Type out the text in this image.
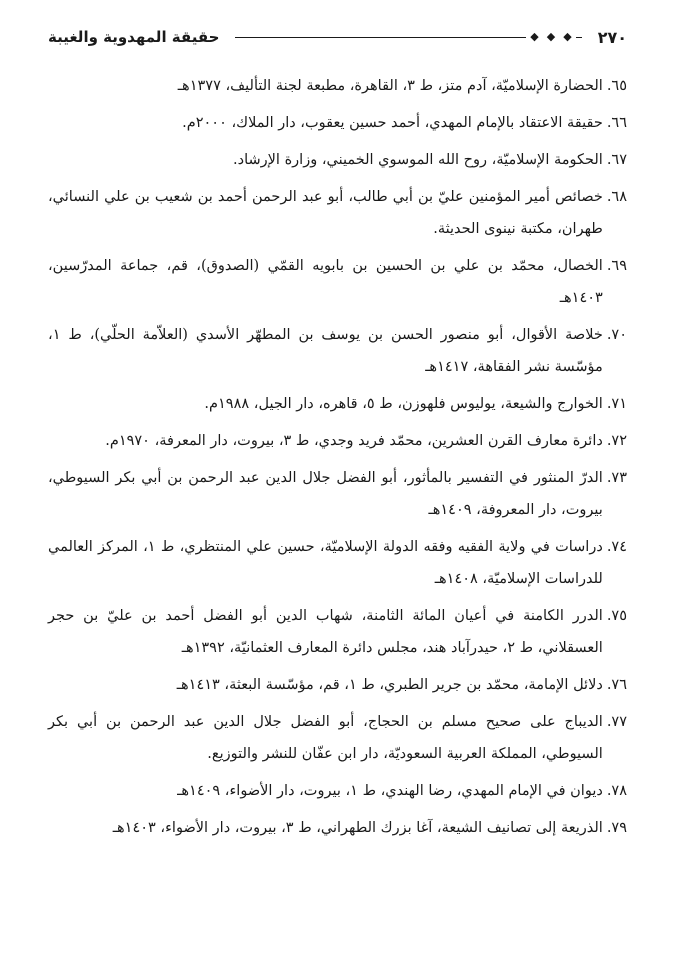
٢٧٠
◆
◆
◆
حقيقة المهدوية والغيبة
٦٥.
الحضارة الإسلاميّة، آدم متز، ط ٣، القاهرة، مطبعة لجنة التأليف، ١٣٧٧هـ
٦٦.
حقيقة الاعتقاد بالإمام المهدي، أحمد حسين يعقوب، دار الملاك، ٢٠٠٠م.
٦٧.
الحكومة الإسلاميّة، روح الله الموسوي الخميني، وزارة الإرشاد.
٦٨.
خصائص أمير المؤمنين عليّ بن أبي طالب، أبو عبد الرحمن أحمد بن شعيب بن علي النسائي، طهران، مكتبة نينوى الحديثة.
٦٩.
الخصال، محمّد بن علي بن الحسين بن بابويه القمّي (الصدوق)، قم، جماعة المدرّسين، ١٤٠٣هـ
٧٠.
خلاصة الأقوال، أبو منصور الحسن بن يوسف بن المطهّر الأسدي (العلاّمة الحلّي)، ط ١، مؤسّسة نشر الفقاهة، ١٤١٧هـ
٧١.
الخوارج والشيعة، يوليوس فلهوزن، ط ٥، قاهره، دار الجيل، ١٩٨٨م.
٧٢.
دائرة معارف القرن العشرين، محمّد فريد وجدي، ط ٣، بيروت، دار المعرفة، ١٩٧٠م.
٧٣.
الدرّ المنثور في التفسير بالمأثور، أبو الفضل جلال الدين عبد الرحمن بن أبي بكر السيوطي، بيروت، دار المعروفة، ١٤٠٩هـ
٧٤.
دراسات في ولاية الفقيه وفقه الدولة الإسلاميّة، حسين علي المنتظري، ط ١، المركز العالمي للدراسات الإسلاميّة، ١٤٠٨هـ
٧٥.
الدرر الكامنة في أعيان المائة الثامنة، شهاب الدين أبو الفضل أحمد بن عليّ بن حجر العسقلاني، ط ٢، حيدرآباد هند، مجلس دائرة المعارف العثمانيّة، ١٣٩٢هـ
٧٦.
دلائل الإمامة، محمّد بن جرير الطبري، ط ١، قم، مؤسّسة البعثة، ١٤١٣هـ
٧٧.
الديباج على صحيح مسلم بن الحجاج، أبو الفضل جلال الدين عبد الرحمن بن أبي بكر السيوطي، المملكة العربية السعوديّة، دار ابن عفّان للنشر والتوزيع.
٧٨.
ديوان في الإمام المهدي، رضا الهندي، ط ١، بيروت، دار الأضواء، ١٤٠٩هـ
٧٩.
الذريعة إلى تصانيف الشيعة، آغا بزرك الطهراني، ط ٣، بيروت، دار الأضواء، ١٤٠٣هـ
